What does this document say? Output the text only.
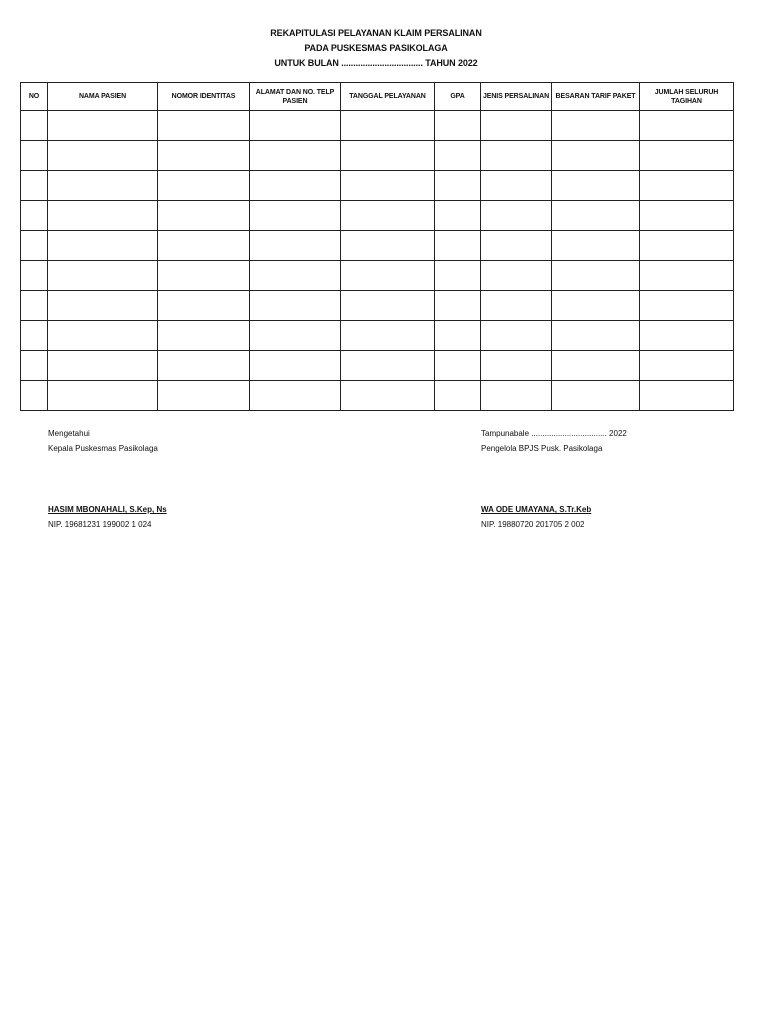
REKAPITULASI PELAYANAN KLAIM PERSALINAN
PADA PUSKESMAS PASIKOLAGA
UNTUK BULAN .................................. TAHUN 2022
NO	NAMA PASIEN	NOMOR IDENTITAS	ALAMAT DAN NO. TELP PASIEN	TANGGAL PELAYANAN	GPA	JENIS PERSALINAN	BESARAN TARIF PAKET	JUMLAH SELURUH TAGIHAN

Mengetahui
Kepala Puskesmas Pasikolaga
HASIM MBONAHALI, S.Kep, Ns
NIP. 19681231 199002 1 024
Tampunabale .................................. 2022
Pengelola BPJS Pusk. Pasikolaga
WA ODE UMAYANA, S.Tr.Keb
NIP. 19880720 201705 2 002
